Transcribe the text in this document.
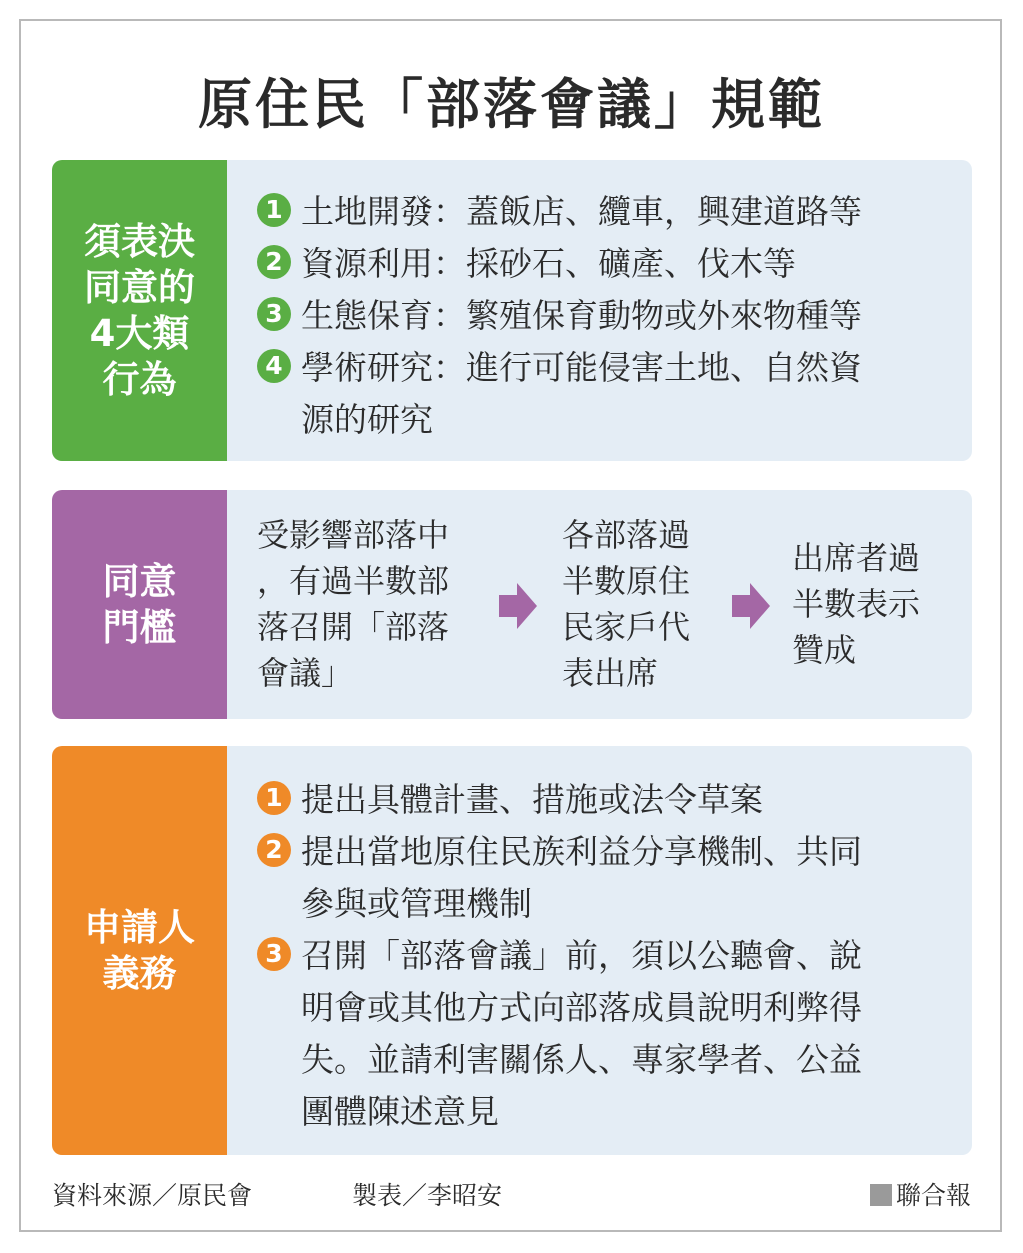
原住民「部落會議」規範
須表決
同意的
4大類
行為
1 土地開發：蓋飯店、纜車，興建道路等
2 資源利用：採砂石、礦產、伐木等
3 生態保育：繁殖保育動物或外來物種等
4 學術研究：進行可能侵害土地、自然資
源的研究
同意
門檻
受影響部落中
，有過半數部
落召開「部落
會議」
各部落過
半數原住
民家戶代
表出席
出席者過
半數表示
贊成
申請人
義務
1 提出具體計畫、措施或法令草案
2 提出當地原住民族利益分享機制、共同
參與或管理機制
3 召開「部落會議」前，須以公聽會、說
明會或其他方式向部落成員說明利弊得
失。並請利害關係人、專家學者、公益
團體陳述意見
資料來源／原民會	製表／李昭安	聯合報
